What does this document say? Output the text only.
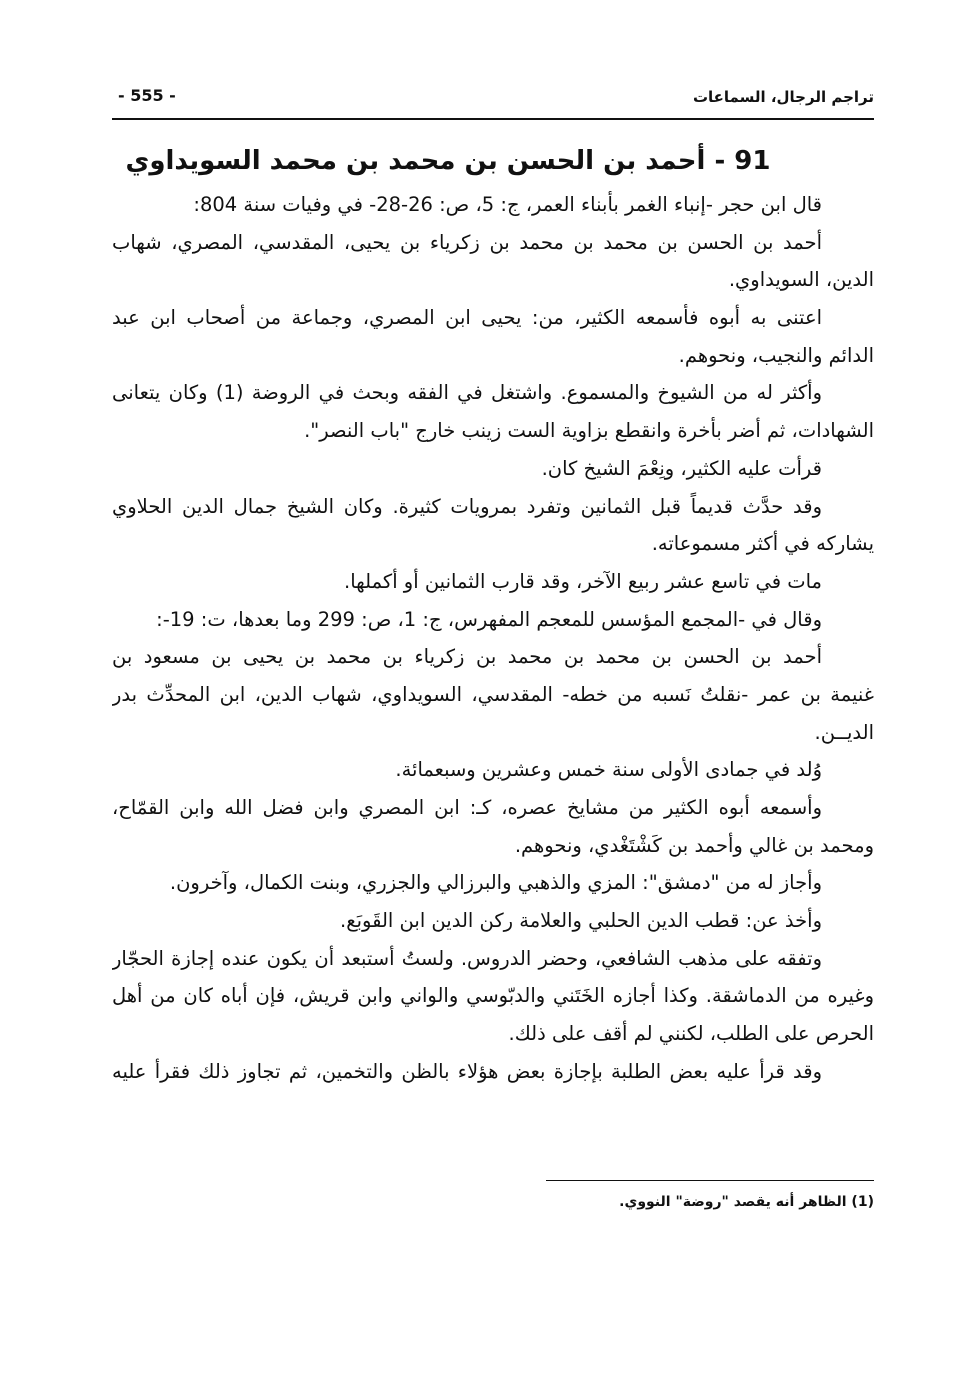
تراجم الرجال، السماعات
- 555 -
91 - أحمد بن الحسن بن محمد بن محمد السويداوي
قال ابن حجر -إنباء الغمر بأبناء العمر، ج: 5، ص: 26-28- في وفيات سنة 804:
أحمد بن الحسن بن محمد بن محمد بن زكرياء بن يحيى، المقدسي، المصري، شهاب
الدين، السويداوي.
اعتنى به أبوه فأسمعه الكثير، من: يحيى ابن المصري، وجماعة من أصحاب ابن عبد
الدائم والنجيب، ونحوهم.
وأكثر له من الشيوخ والمسموع. واشتغل في الفقه وبحث في الروضة (1) وكان يتعانى
الشهادات، ثم أضر بأخرة وانقطع بزاوية الست زينب خارج "باب النصر".
قرأت عليه الكثير، ونِعْمَ الشيخ كان.
وقد حدَّث قديماً قبل الثمانين وتفرد بمرويات كثيرة. وكان الشيخ جمال الدين الحلاوي
يشاركه في أكثر مسموعاته.
مات في تاسع عشر ربيع الآخر، وقد قارب الثمانين أو أكملها.
وقال في -المجمع المؤسس للمعجم المفهرس، ج: 1، ص: 299 وما بعدها، ت: 19-:
أحمد بن الحسن بن محمد بن محمد بن زكرياء بن محمد بن يحيى بن مسعود بن
غنيمة بن عمر -نقلتُ نَسبه من خطه- المقدسي، السويداوي، شهاب الدين، ابن المحدِّث بدر
الديــن.
وُلد في جمادى الأولى سنة خمس وعشرين وسبعمائة.
وأسمعه أبوه الكثير من مشايخ عصره، كـ: ابن المصري وابن فضل الله وابن القمّاح،
ومحمد بن غالي وأحمد بن كَشْتَغْدي، ونحوهم.
وأجاز له من "دمشق": المزي والذهبي والبرزالي والجزري، وبنت الكمال، وآخرون.
وأخذ عن: قطب الدين الحلبي والعلامة ركن الدين ابن القَوبَع.
وتفقه على مذهب الشافعي، وحضر الدروس. ولستُ أستبعد أن يكون عنده إجازة الحجّار
وغيره من الدماشقة. وكذا أجازه الخَتَني والدبّوسي والواني وابن قريش، فإن أباه كان من أهل
الحرص على الطلب، لكنني لم أقف على ذلك.
وقد قرأ عليه بعض الطلبة بإجازة بعض هؤلاء بالظن والتخمين، ثم تجاوز ذلك فقرأ عليه
(1) الظاهر أنه يقصد "روضة" النووي.
